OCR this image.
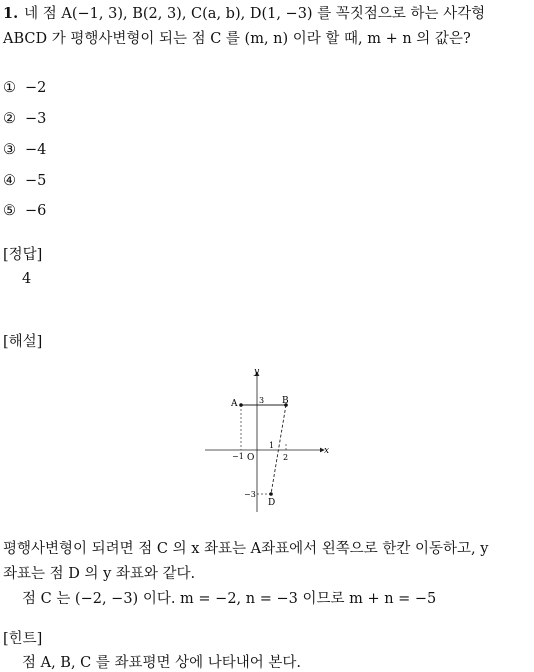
1. 네 점 A(−1, 3), B(2, 3), C(a, b), D(1, −3) 를 꼭짓점으로 하는 사각형
ABCD 가 평행사변형이 되는 점 C 를 (m, n) 이라 할 때, m + n 의 값은?
① −2
② −3
③ −4
④ −5
⑤ −6
[정답]
4
[해설]
y
x
O
A	B
D
3
1
2
−1
−3
평행사변형이 되려면 점 C 의 x 좌표는 A좌표에서 왼쪽으로 한칸 이동하고, y
좌표는 점 D 의 y 좌표와 같다.
점 C 는 (−2, −3) 이다. m = −2, n = −3 이므로 m + n = −5
[힌트]
점 A, B, C 를 좌표평면 상에 나타내어 본다.
